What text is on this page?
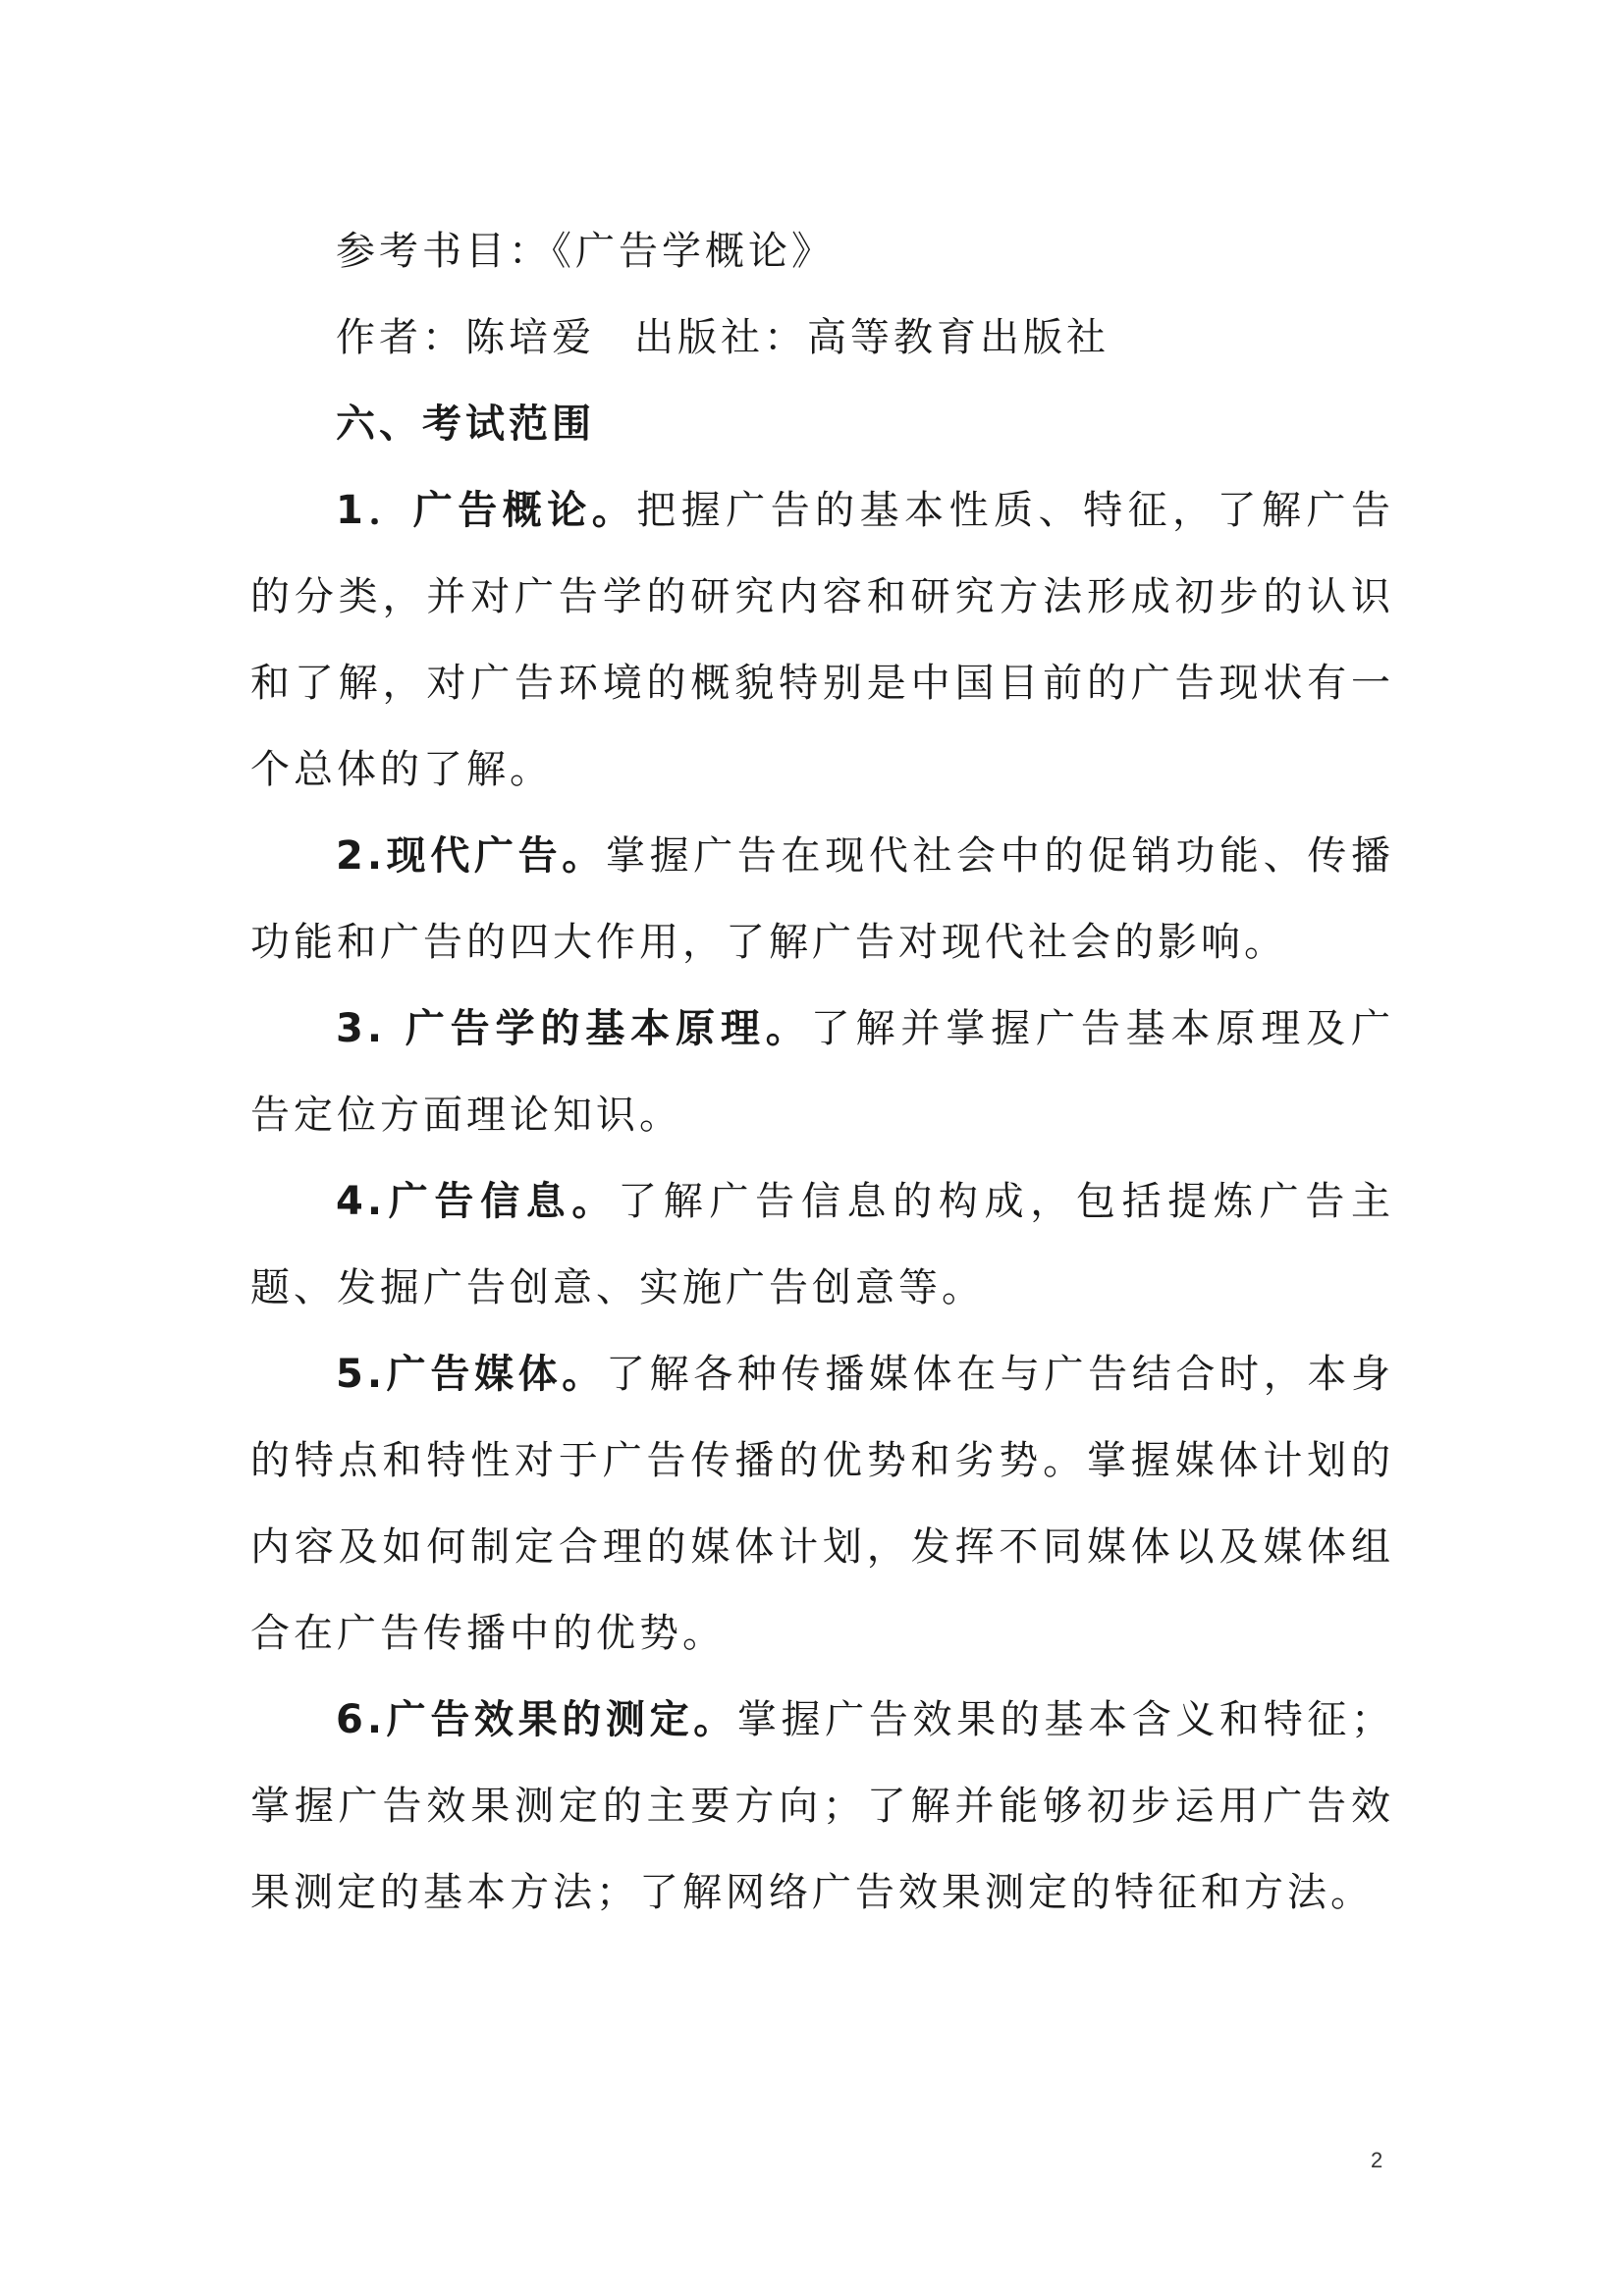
参考书目：《广告学概论》

作者：陈培爱 出版社：高等教育出版社

六、考试范围

1．广告概论。把握广告的基本性质、特征，了解广告的分类，并对广告学的研究内容和研究方法形成初步的认识和了解，对广告环境的概貌特别是中国目前的广告现状有一个总体的了解。

2.现代广告。掌握广告在现代社会中的促销功能、传播功能和广告的四大作用，了解广告对现代社会的影响。

3. 广告学的基本原理。了解并掌握广告基本原理及广告定位方面理论知识。

4.广告信息。了解广告信息的构成，包括提炼广告主题、发掘广告创意、实施广告创意等。

5.广告媒体。了解各种传播媒体在与广告结合时，本身的特点和特性对于广告传播的优势和劣势。掌握媒体计划的内容及如何制定合理的媒体计划，发挥不同媒体以及媒体组合在广告传播中的优势。

6.广告效果的测定。掌握广告效果的基本含义和特征；掌握广告效果测定的主要方向；了解并能够初步运用广告效果测定的基本方法；了解网络广告效果测定的特征和方法。

2
